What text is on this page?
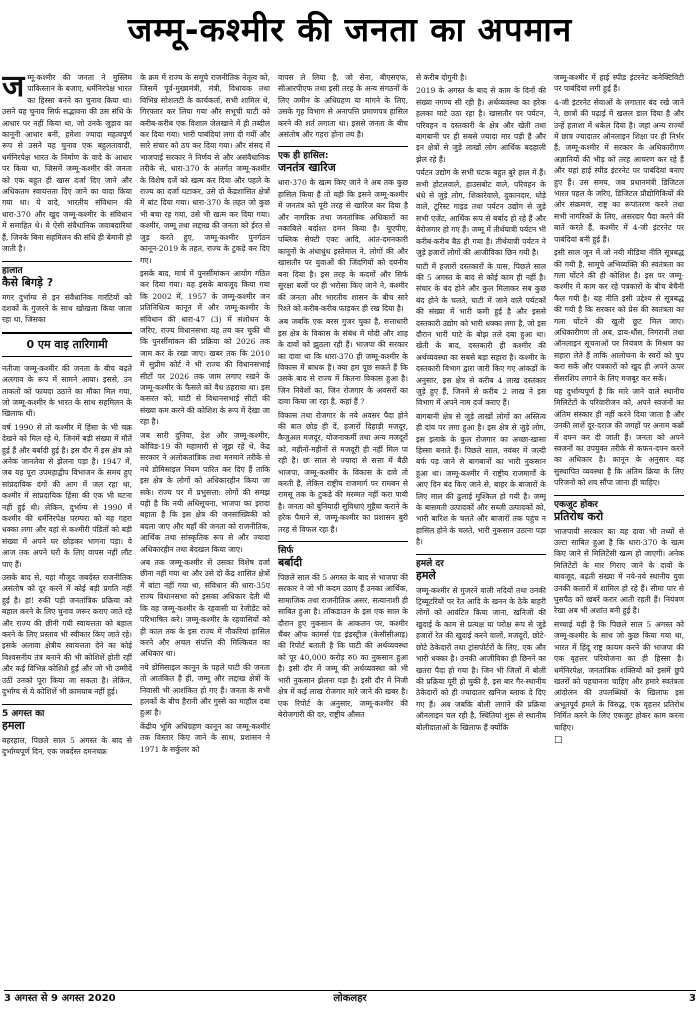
जम्मू-कश्मीर की जनता का अपमान

जम्मू-कश्मीर की जनता ने मुस्लिम पाकिस्तान के बजाए, धर्मनिरपेक्ष भारत का हिस्सा बनने का चुनाव किया था। उसने यह चुनाव सिर्फ सद्भावना की उस संधि के आधार पर नहीं किया था, जो उनके जुड़ाव का कानूनी आधार बनी, हमेशा ज्यादा महत्वपूर्ण रूप से उसने यह चुनाव एक बहुलतावादी, धर्मनिरपेक्ष भारत के निर्माण के वादे के आधार पर किया था, जिसमें जम्मू-कश्मीर की जनता को एक बहुत ही खास दर्जा दिए जाने और अधिकतम स्वायत्तता दिए जाने का वादा किया गया था। ये वादे, भारतीय संविधान की धारा-370 और खुद जम्मू-कश्मीर के संविधान में समाहित थे। ये ऐसी संवैधानिक जवाबदारियां हैं, जिनके बिना सहमिलन की संधि ही बेमानी हो जाती है।

हालात
कैसे बिगड़े ?

मगर दुर्भाग्य से इन संवैधानिक गारंटियों को दशकों के गुजरने के साथ खोखला किया जाता रहा था, जिसका

0 एम वाइ तारिगामी

नतीजा जम्मू-कश्मीर की जनता के बीच बढ़ते अलगाव के रूप में सामने आया। इससे, उन ताकतों को फायदा उठाने का मौका मिल गया, जो जम्मू-कश्मीर के भारत के साथ सहमिलन के खिलाफ थीं।

वर्ष 1990 से तो कश्मीर में हिंसा के भी चक्र देखने को मिल रहे थे, जिनमें बड़ी संख्या में मौतें हुई हैं और बर्बादी हुई है। इस दौर में इस क्षेत्र को अनेक जानलेवा से झेलना पड़ा है। 1947 में, जब यह पूरा उपमहाद्वीप विभाजन के समय हुए सांप्रदायिक दंगों की आग में जल रहा था, कश्मीर में सांप्रदायिक हिंसा की एक भी घटना नहीं हुई थी। लेकिन, दुर्भाग्य से 1990 में कश्मीर की धर्मनिरपेक्ष परम्परा को यह गहरा धक्का लगा और वहां से कश्मीरी पंडितों को बड़ी संख्या में अपने घर छोड़कर भागना पड़ा। वे आज तक अपने घरों के लिए वापस नहीं लौट पाए हैं।

उसके बाद से, यहां मौजूद जबर्दस्त राजनीतिक असंतोष को दूर करने में कोई बड़ी प्रगति नहीं हुई है। हां! रुकी पड़ी जनतांत्रिक प्रक्रिया को बहाल करने के लिए चुनाव जरूर कराए जाते रहे और राज्य की छीनी गयी स्वायत्तता को बहाल करने के लिए प्रस्ताव भी स्वीकार किए जाते रहे। इसके अलावा क्षेत्रीय स्वायत्तता देने का कोई विश्वसनीय तंत्र बनाने की भी कोशिशें होती रहीं और कई विभिन्न कोशिशें हुईं और जो भी उम्मीदें उठीं उनको पूरा किया जा सकता है। लेकिन, दुर्भाग्य से ये कोशिशें भी कामयाब नहीं हुई।

5 अगस्त का
हमला

बहरहाल, पिछले साल 5 अगस्त के बाद से दुर्भाग्यपूर्ण दिन, एक जबर्दस्त दमनचक्र

के क्रम में राज्य के समूचे राजनीतिक नेतृत्व को, जिसमें पूर्व-मुख्यमंत्री, मंत्री, विधायक तथा विभिन्न सोशलटी के कार्यकर्ता, सभी शामिल थे, गिरफ्तार कर लिया गया और सभूची घाटी को करीब-करीब एक विशाल जेलखाने में ही तब्दील कर दिया गया। भारी पाबंदियां लगा दी गयीं और सारे संचार को ठप कर दिया गया। और संसद में भाजपाई सरकार ने निर्णय से और असंवैधानिक तरीके से, धारा-370 के अंतर्गत जम्मू-कश्मीर के विशेष दर्जे को खत्म कर दिया और पहले के राज्य का दर्जा घटाकर, उसे दो केंद्रशासित क्षेत्रों में बांट दिया गया। धारा-370 के तहत जो कुछ भी बचा रह गया, उसे भी खत्म कर दिया गया। कश्मीर, जम्मू तथा लद्दाख की जनता को ईरत से जुड़ करते हुए, जम्मू-कश्मीर पुनर्गठन कानून-2019 के तहत, राज्य के टुकड़े कर दिए गए।

इसके बाद, मार्च में पुनर्सीमांकन आयोग गठित कर दिया गया। यह इसके बावजूद किया गया कि 2002 में, 1957 के जम्मू-कश्मीर जन प्रतिनिधित्व कानून में और जम्मू-कश्मीर के संविधान की धारा-47 (3) में संशोधन के जरिए, राज्य विधानसभा यह तय कर चुकी थी कि पुनर्सीमांकन की प्रक्रिया को 2026 तक जाम कर के रखा जाए। खबर तक कि 2010 में सुप्रीम कोर्ट ने भी राज्य की विधानसभाई सीटों पर 2026 तक जाम लगाए रखने के जम्मू-कश्मीर के फैसले को वैध ठहराया था। इस कसरत को, घाटी से विधानसभाई सीटों की संख्या कम करने की कोशिश के रूप में देखा जा रहा है।

जब सारी दुनिया, देश और जम्मू-कश्मीर, कोविड-19 की महामारी से जूझ रहे थे, केंद्र सरकार ने अलोकतांत्रिक तथा मनमाने तरीके से नये डोमिसाइल नियम पारित कर दिए हैं ताकि इस क्षेत्र के लोगों को अधिकारहीन किया जा सके। राज्य पर में प्रभुसत्ता: लोगों की समझ यही है कि नयी अधिसूचना, भाजपा का इरादा बहाता है कि इस क्षेत्र की जनसांख्यिकी को बदला जाए और यहाँ की जनता को राजनीतिक, आर्थिक तथा सांस्कृतिक रूप से और ज्यादा अधिकारहीन तथा बेदखल किया जाए।

अब तक जम्मू-कश्मीर से उसका विशेष दर्जा छीना नहीं गया था और उसे दो केंद्र शासित क्षेत्रों में बांटा नहीं गया था, संविधान की धारा-35ए राज्य विधानसभा को इसका अधिकार देती थी कि वह जम्मू-कश्मीर के रहवासी या रेजीडेंट को परिभाषित करे। जम्मू-कश्मीर के रहवासियों को ही काल तक के इस राज्य में नौकरियां हासिल करने और अचल संपत्ति की मिल्कियत का अधिकार था।

नये डोमिसाइल कानून के पहले घाटी की जनता तो आतंकित है ही, जम्मू और लद्दाख क्षेत्रों के निवासी भी आशंकित हो गए हैं। जनता के सभी हलकों के बीच हैरानी और गुस्से का माहौल दबा हुआ है।

केंद्रीय भूमि अधिग्रहण कानून का जम्मू-कश्मीर तक विस्तार किए जाने के साथ, प्रशासन ने 1971 के सर्कुलर को

वापस ले लिया है, जो सेना, बीएसएफ, सीआरपीएफ तथा इसी तरह के अन्य संगठनों के लिए जमीन के अधिग्रहण या मांगने के लिए, उसके गृह विभाग से अनापत्ति प्रमाणपत्र हासिल करने की शर्त लगाता था। इससे जनता के बीच असंतोष और गहरा होना तय है।

एक ही हासिल:
जनतंत्र खारिज

धारा-370 के खत्म किए जाने ने अब तक कुछ हासिल किया है तो यही कि इसने जम्मू-कश्मीर में जनतंत्र को पूरी तरह से खारिज कर दिया है और नागरिक तथा जनतांत्रिक अधिकारों का नकाबिले बर्दाश्त दमन किया है। यूएपीए, पब्लिक सेफ्टी एक्ट आदि, आंत-दमनकारी कानूनों के अंधाधुंध इस्तेमाल ने, लोगों की और खासतौर पर युवाओं की जिंदगियों को दयनीय बना दिया है। इस तरह के कदमों और सिर्फ सुरक्षा बलों पर ही भरोसा किए जाने ने, कश्मीर की जनता और भारतीय शासन के बीच सारे रिश्ते को करीब-करीब फाड़कर ही रख दिया है।

अब जबकि एक बरस गुजर चुका है, सत्ताधारी इस क्षेत्र के विकास के संबंध में मोदी और शाह के दावों को झुठला रही हैं। भाजपा की सरकार का दावा था कि धारा-370 ही जम्मू-कश्मीर के विकास में बाधक है। क्या हम पूछ सकते हैं कि उसके बाद से राज्य में कितना विकास हुआ है। जिन निवेशों का, जिन रोजगार के अवसरों का दावा किया जा रहा है, कहां हैं ?

विकास तथा रोजगार के नये अवसर पैदा होने की बात छोड़ ही दें, हजारों दिहाड़ी मजदूर, कैजुअल मजदूर, योजनाकर्मी तथा अन्य मजदूरों को, महीनों-महीनों से मजदूरी ही नहीं मिल पा रही है। छः साल से ज्यादा से सत्ता में बैठी भाजपा, जम्मू-कश्मीर के विकास के दावे तो करती है, लेकिन राष्ट्रीय राजमार्ग पर रामबन से रामसू तक के टुकड़े की मरम्मत नहीं करा पायी है। जनता को बुनियादी सुविधाएं मुहैया कराने के हरेक पैमाने से, जम्मू-कश्मीर का प्रशासन बुरी तरह से विफल रहा है।

सिर्फ
बर्बादी

पिछले साल की 5 अगस्त के बाद से भाजपा की सरकार ने जो भी कदम उठाए हैं उनका आर्थिक, सामाजिक तथा राजनीतिक असर, सत्यानाशी ही साबित हुआ है। लॉकडाउन के इस एक साल के दौरान हुए नुकसान के आकलन पर, कश्मीर चैंबर ऑफ कामर्स एंड इंडस्ट्रीज (केसीसीआइ) की रिपोर्ट बताती है कि घाटी की अर्थव्यवस्था को पूर 40,000 करोड़ रु0 का नुकसान हुआ है। इसी दौर में जम्मू की अर्थव्यवस्था को भी भारी नुकसान झेलना पड़ा है। इसी दौर में निजी क्षेत्र में कई लाख रोजगार मारे जाने की खबर है। एक रिपोर्ट के अनुसार, जम्मू-कश्मीर की बेरोजगारी की दर, राष्ट्रीय औसत

से करीब दोगुनी है।

2019 के अगस्त के बाद से काम के दिनों की संख्या नगण्य सी रही है। अर्थव्यवस्था का हरेक हलका घाटे उठा रहा है। खासतौर पर पर्यटन, परिवहन व दस्तकारी के क्षेत्र और खेती तथा बागबानी पर ही सबसे ज्यादा मार पड़ी है और इन क्षेत्रों से जुड़े लाखों लोग आर्थिक बदहाली झेल रहे हैं।

पर्यटन उद्योग के सभी घटक बहुत बुरे हाल में हैं। सभी होटलवाले, हाउसबोट वाले, परिवहन के धंधे से जुड़े लोग, शिकारेवाले, दुकानदार, घोड़े वाले, टूरिस्ट गाइड तथा पर्यटन उद्योग से जुड़े सभी एजेंट, आर्थिक रूप से बर्बाद हो रहे हैं और बेरोजगार हो गए हैं। जम्मू में तीर्थयात्री पर्यटन भी करीब-करीब बैठ ही गया है। तीर्थयात्री पर्यटन ने जुड़े हजारों लोगों की आजीविका छिन गयी है।

घाटी में हजारों दस्तकारों के पास, पिछले साल की 5 अगस्त के बाद से कोई काम ही नहीं है। संचार के बंद होने और कुल मिलाकर सब कुछ बंद होने के चलते, घाटी में जाने वाले पर्यटकों की संख्या में भारी कमी हुई है और इससे दस्तकारी उद्योग को भारी धक्का लगा है, जो इस दौरान भारी घाटे के बोझ तले दबा हुआ था। खेती के बाद, दस्तकारी ही कश्मीर की अर्थव्यवस्था का सबसे बड़ा सहारा है। कश्मीर के दस्तकारी विभाग द्वारा जारी किए गए आंकड़ों के अनुसार, इस क्षेत्र से करीब 4 लाख दस्तकार जुड़े हुए हैं, जिनमें से करीब 2 लाख ने इस विभाग में अपने नाम दर्ज कराए हैं।

बागबानी क्षेत्र से जुड़े लाखों लोगों का अस्तित्व ही दांव पर लगा हुआ है। इस क्षेत्र से जुड़े लोग, इस इलाके के कुल रोजगार का अच्छा-खासा हिस्सा बनाते हैं। पिछले साल, नवंबर में जल्दी बर्फ पड़ जाने से बागबानों का भारी नुकसान हुआ था। जम्मू-कश्मीर में राष्ट्रीय राजमार्गों के आए दिन बंद किए जाने से, बाहर के बाजारों के लिए माल की ढुलाई मुश्किल हो गयी है। जम्मू के बासमती उत्पादकों और सब्जी उत्पादकों को, भारी बारिश के चलते और बाजारों तक पहुंच न हासिल होने के चलते, भारी नुकसान उठाना पड़ा है।

हमले दर
हमले

जम्मू-कश्मीर से गुजरने वाली नदियों तथा उनकी ट्रिब्यूटरियों पर रेत आदि के खनन के ठेके बाहरी लोगों को आवंटित किया जाना, खनिजों की खुदाई के काम से प्रत्यक्ष या परोक्ष रूप से जुड़े हजारों रेत की खुदाई करने वालों, मजदूरों, छोटे-छोटे ठेकेदारों तथा ट्रांसपोर्टरों के लिए, एक और भारी धक्का है। उनकी आजीविका ही छिनने का खतरा पैदा हो गया है। जिन भी जिलों में बोली की प्रक्रिया पूरी हो चुकी है, इस बार गैर-स्थानीय ठेकेदारों को ही ज्यादातर खनिज ब्लाक दे दिए गए हैं। अब जबकि बोली लगाने की प्रक्रिया ऑनलाइन चल रही है, स्थितियां शुरू से स्थानीय बोलीदाताओं के खिलाफ हैं क्योंकि

जम्मू-कश्मीर में हाई स्पीड इंटरनेट कनेक्टिविटी पर पाबंदियां लगी हुई हैं।

4-जी इंटरनेट सेवाओं के लगातार बंद रखे जाने ने, छात्रों की पढ़ाई में खलल डाल दिया है और उन्हें हताशा में धकेल दिया है। जहां अन्य राज्यों में छात्र ज्यादातर ऑनलाइन शिक्षा पर ही निर्भर हैं, जम्मू-कश्मीर में सरकार के अधिकारीगण अज्ञानियों की भीड़ को तरह आचरण कर रहे हैं और यहां हाई स्पीड इंटरनेट पर पाबंदियां बनाए हुए हैं। उस समय, जब प्रधानमंत्री डिजिटल भारत पहल के जरिए, डिजिटल प्रौद्योगिकियों की ओर संक्रमण, राष्ट्र का रूपांतरण करने तथा सभी नागरिकों के लिए, असरदार पैदा करने की बातें करते हैं, कश्मीर में 4-जी इंटरनेट पर पाबंदियां बनी हुई हैं।

इसी साल जून में जो नयी मीडिया नीति सूत्रबद्ध की गयी है, सामूचे अभिव्यक्ति की स्वतंत्रता का गला घोंटने की ही कोशिश है। इस पर जम्मू-कश्मीर में काम कर रहे पत्रकारों के बीच बेचैनी फैल गयी है। यह नीति इसी उद्देश्य से सूत्रबद्ध की गयी है कि सरकार को प्रेस की स्वतंत्रता का गला घोंटने की खुली छूट मिल जाए। अधिकारीगण तो अब, डाय-धौंस, निगरानी तथा ऑनलाइन सूचनाओं पर नियंत्रण के मिश्रण का सहारा लेते हैं ताकि आलोचना के स्वरों को चुप करा सकें और पत्रकारों को खुद ही अपने ऊपर सेंसरशिप लगाने के लिए मजबूर कर सकें।

यह दुर्भाग्यपूर्ण है कि मारे जाने वाले स्थानीय मिलिटेंटों के परिवारीजन को, अपने स्वजनों का अंतिम संस्कार ही नहीं करने दिया जाता है और उनकी लाशें दूर-दराज की जगहों पर अनाम कब्रों में दफ्न कर दी जाती हैं। जनता को अपने स्वजनों का उपयुक्त तरीके से कफन-दफ्न करने का अधिकार है। कानून के अनुसार यह सुस्थापित व्यवस्था है कि अंतिम क्रिया के लिए परिजनों को शव सौंपा जाना ही चाहिए।

एकजुट होकर
प्रतिरोध करो

भाजपायी सरकार का यह दावा भी तथ्यों से उल्टा साबित हुआ है कि धारा-370 के खत्म किए जाने से मिलिटेंसी खत्म हो जाएगी। अनेक मिलिटेंटों के मार गिराए जाने के दावों के बावजूद, बढ़ती संख्या में नये-नये स्थानीय युवा उनकी कतारों में शामिल हो रहे हैं। सीमा पार से घुसपैठ को खबरें करार आती रहती हैं। नियंत्रण रेखा अब भी अशांत बनी हुई है।

सच्चाई यही है कि पिछले साल 5 अगस्त को जम्मू-कश्मीर के साथ जो कुछ किया गया था, भारत में हिंदू राष्ट्र कायम करने की भाजपा की एक वृहत्तर परियोजना का ही हिस्सा है। धर्मनिरपेक्ष, जनतांत्रिक शक्तियों को इसमें छुपे खतरों को पहचानना चाहिए और हमारे स्वतंत्रता आंदोलन की उपलब्धियों के खिलाफ इस अभूतपूर्व हमले के विरुद्ध, एक वृहत्तर प्रतिरोध निर्मित करने के लिए एकजुट होकर काम करना चाहिए।

□

3 अगस्त से 9 अगस्त 2020	लोकलहर	3
